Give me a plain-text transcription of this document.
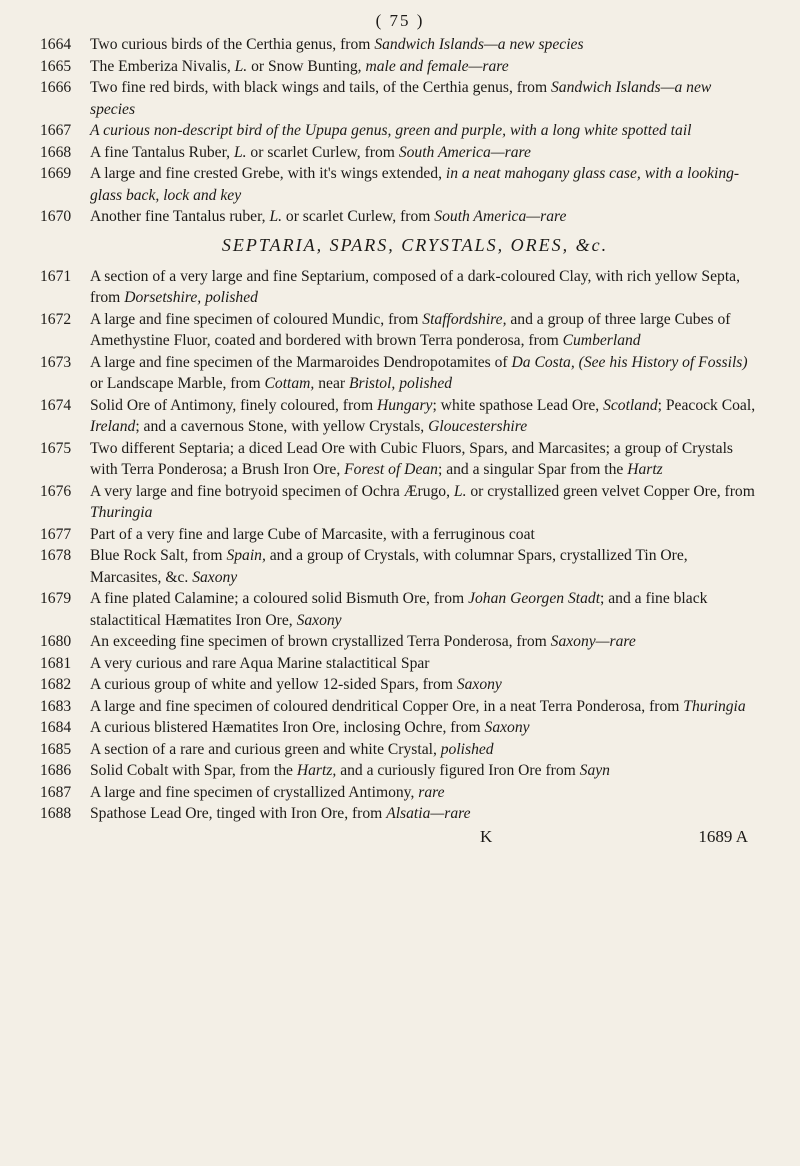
( 75 )
1664	Two curious birds of the Certhia genus, from Sandwich Islands—a new species
1665	The Emberiza Nivalis, L. or Snow Bunting, male and female—rare
1666	Two fine red birds, with black wings and tails, of the Certhia genus, from Sandwich Islands—a new species
1667	A curious non-descript bird of the Upupa genus, green and purple, with a long white spotted tail
1668	A fine Tantalus Ruber, L. or scarlet Curlew, from South America—rare
1669	A large and fine crested Grebe, with it's wings extended, in a neat mahogany glass case, with a looking-glass back, lock and key
1670	Another fine Tantalus ruber, L. or scarlet Curlew, from South America—rare
SEPTARIA, SPARS, CRYSTALS, ORES, &c.
1671	A section of a very large and fine Septarium, composed of a dark-coloured Clay, with rich yellow Septa, from Dorsetshire, polished
1672	A large and fine specimen of coloured Mundic, from Staffordshire, and a group of three large Cubes of Amethystine Fluor, coated and bordered with brown Terra ponderosa, from Cumberland
1673	A large and fine specimen of the Marmaroides Dendropotamites of Da Costa, (See his History of Fossils) or Landscape Marble, from Cottam, near Bristol, polished
1674	Solid Ore of Antimony, finely coloured, from Hungary; white spathose Lead Ore, Scotland; Peacock Coal, Ireland; and a cavernous Stone, with yellow Crystals, Gloucestershire
1675	Two different Septaria; a diced Lead Ore with Cubic Fluors, Spars, and Marcasites; a group of Crystals with Terra Ponderosa; a Brush Iron Ore, Forest of Dean; and a singular Spar from the Hartz
1676	A very large and fine botryoid specimen of Ochra Ærugo, L. or crystallized green velvet Copper Ore, from Thuringia
1677	Part of a very fine and large Cube of Marcasite, with a ferruginous coat
1678	Blue Rock Salt, from Spain, and a group of Crystals, with columnar Spars, crystallized Tin Ore, Marcasites, &c. Saxony
1679	A fine plated Calamine; a coloured solid Bismuth Ore, from Johan Georgen Stadt; and a fine black stalactitical Hæmatites Iron Ore, Saxony
1680	An exceeding fine specimen of brown crystallized Terra Ponderosa, from Saxony—rare
1681	A very curious and rare Aqua Marine stalactitical Spar
1682	A curious group of white and yellow 12-sided Spars, from Saxony
1683	A large and fine specimen of coloured dendritical Copper Ore, in a neat Terra Ponderosa, from Thuringia
1684	A curious blistered Hæmatites Iron Ore, inclosing Ochre, from Saxony
1685	A section of a rare and curious green and white Crystal, polished
1686	Solid Cobalt with Spar, from the Hartz, and a curiously figured Iron Ore from Sayn
1687	A large and fine specimen of crystallized Antimony, rare
1688	Spathose Lead Ore, tinged with Iron Ore, from Alsatia—rare
K	1689 A
